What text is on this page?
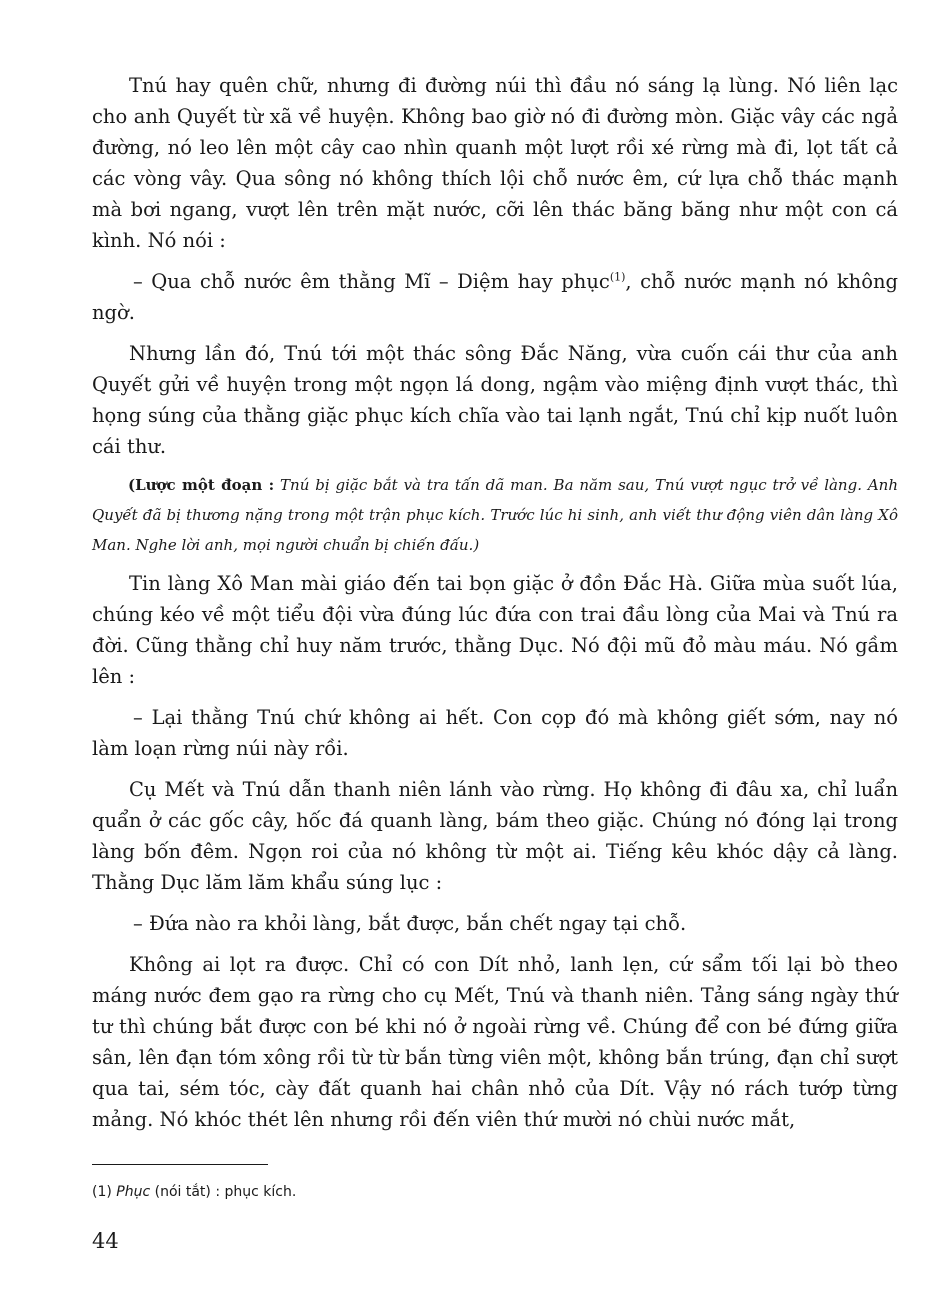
Tnú hay quên chữ, nhưng đi đường núi thì đầu nó sáng lạ lùng. Nó liên lạc cho anh Quyết từ xã về huyện. Không bao giờ nó đi đường mòn. Giặc vây các ngả đường, nó leo lên một cây cao nhìn quanh một lượt rồi xé rừng mà đi, lọt tất cả các vòng vây. Qua sông nó không thích lội chỗ nước êm, cứ lựa chỗ thác mạnh mà bơi ngang, vượt lên trên mặt nước, cỡi lên thác băng băng như một con cá kình. Nó nói :

– Qua chỗ nước êm thằng Mĩ – Diệm hay phục$^{(1)}$, chỗ nước mạnh nó không ngờ.

Nhưng lần đó, Tnú tới một thác sông Đắc Năng, vừa cuốn cái thư của anh Quyết gửi về huyện trong một ngọn lá dong, ngậm vào miệng định vượt thác, thì họng súng của thằng giặc phục kích chĩa vào tai lạnh ngắt, Tnú chỉ kịp nuốt luôn cái thư.

(Lược một đoạn : Tnú bị giặc bắt và tra tấn dã man. Ba năm sau, Tnú vượt ngục trở về làng. Anh Quyết đã bị thương nặng trong một trận phục kích. Trước lúc hi sinh, anh viết thư động viên dân làng Xô Man. Nghe lời anh, mọi người chuẩn bị chiến đấu.)

Tin làng Xô Man mài giáo đến tai bọn giặc ở đồn Đắc Hà. Giữa mùa suốt lúa, chúng kéo về một tiểu đội vừa đúng lúc đứa con trai đầu lòng của Mai và Tnú ra đời. Cũng thằng chỉ huy năm trước, thằng Dục. Nó đội mũ đỏ màu máu. Nó gầm lên :

– Lại thằng Tnú chứ không ai hết. Con cọp đó mà không giết sớm, nay nó làm loạn rừng núi này rồi.

Cụ Mết và Tnú dẫn thanh niên lánh vào rừng. Họ không đi đâu xa, chỉ luẩn quẩn ở các gốc cây, hốc đá quanh làng, bám theo giặc. Chúng nó đóng lại trong làng bốn đêm. Ngọn roi của nó không từ một ai. Tiếng kêu khóc dậy cả làng. Thằng Dục lăm lăm khẩu súng lục :

– Đứa nào ra khỏi làng, bắt được, bắn chết ngay tại chỗ.

Không ai lọt ra được. Chỉ có con Dít nhỏ, lanh lẹn, cứ sẩm tối lại bò theo máng nước đem gạo ra rừng cho cụ Mết, Tnú và thanh niên. Tảng sáng ngày thứ tư thì chúng bắt được con bé khi nó ở ngoài rừng về. Chúng để con bé đứng giữa sân, lên đạn tóm xông rồi từ từ bắn từng viên một, không bắn trúng, đạn chỉ sượt qua tai, sém tóc, cày đất quanh hai chân nhỏ của Dít. Vậy nó rách tướp từng mảng. Nó khóc thét lên nhưng rồi đến viên thứ mười nó chùi nước mắt,

(1) Phục (nói tắt) : phục kích.
44
